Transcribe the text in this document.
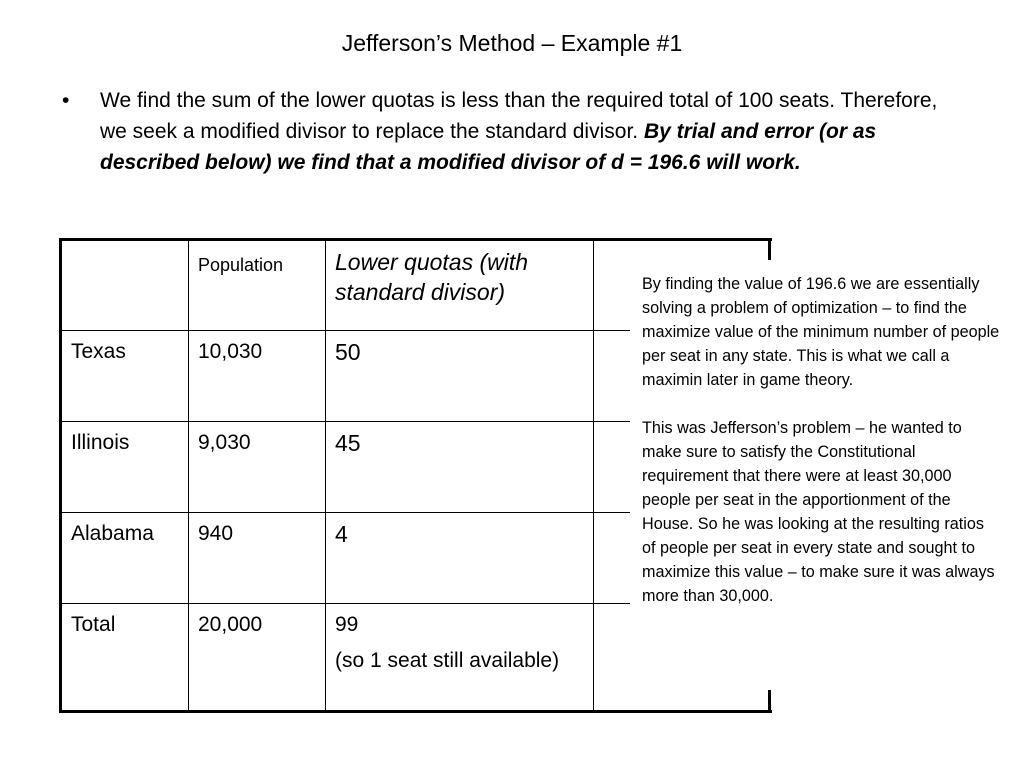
Jefferson’s Method – Example #1
• We find the sum of the lower quotas is less than the required total of 100 seats. Therefore, we seek a modified divisor to replace the standard divisor. By trial and error (or as described below) we find that a modified divisor of d = 196.6 will work.
	Population	Lower quotas (with standard divisor)	
Texas	10,030	50	
Illinois	9,030	45	
Alabama	940	4	
Total	20,000	99
(so 1 seat still available)	

By finding the value of 196.6 we are essentially solving a problem of optimization – to find the maximize value of the minimum number of people per seat in any state. This is what we call a maximin later in game theory.

This was Jefferson’s problem – he wanted to make sure to satisfy the Constitutional requirement that there were at least 30,000 people per seat in the apportionment of the House. So he was looking at the resulting ratios of people per seat in every state and sought to maximize this value – to make sure it was always more than 30,000.
